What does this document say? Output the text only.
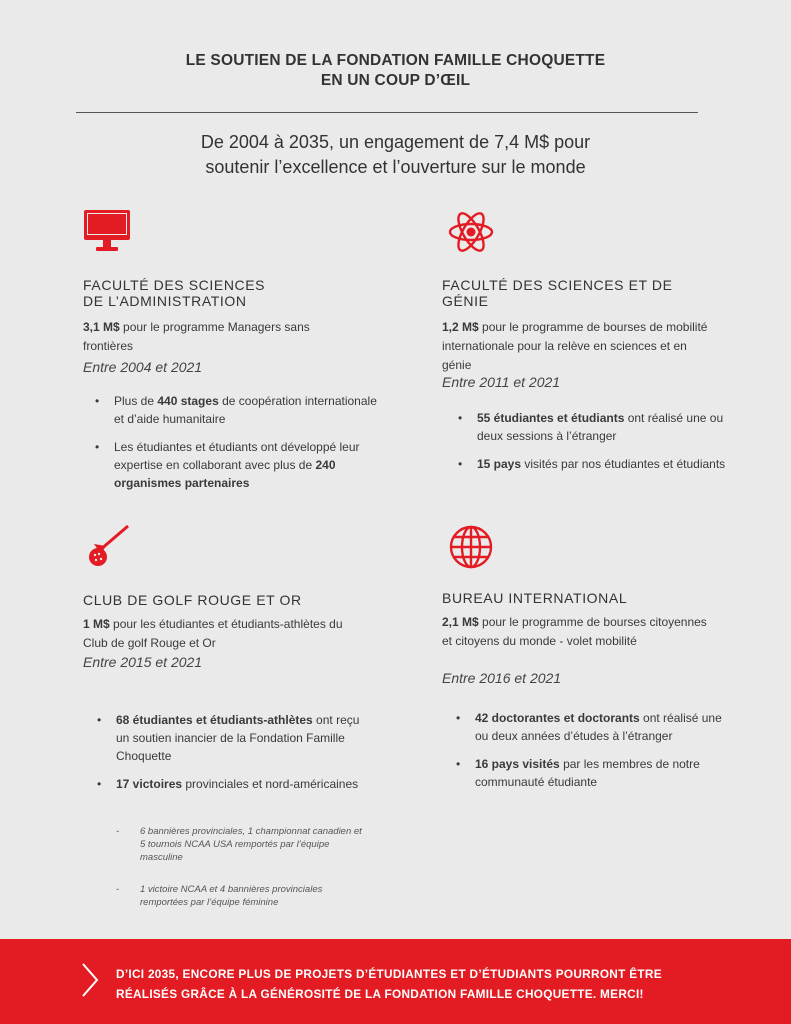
LE SOUTIEN DE LA FONDATION FAMILLE CHOQUETTE
EN UN COUP D’ŒIL
De 2004 à 2035, un engagement de 7,4 M$ pour
soutenir l’excellence et l’ouverture sur le monde
FACULTÉ DES SCIENCES
DE L’ADMINISTRATION
3,1 M$ pour le programme Managers sans frontières
Entre 2004 et 2021
• Plus de 440 stages de coopération internationale et d’aide humanitaire
• Les étudiantes et étudiants ont développé leur expertise en collaborant avec plus de 240 organismes partenaires
FACULTÉ DES SCIENCES ET DE
GÉNIE
1,2 M$ pour le programme de bourses de mobilité internationale pour la relève en sciences et en génie
Entre 2011 et 2021
• 55 étudiantes et étudiants ont réalisé une ou deux sessions à l’étranger
• 15 pays visités par nos étudiantes et étudiants
CLUB DE GOLF ROUGE ET OR
1 M$ pour les étudiantes et étudiants-athlètes du Club de golf Rouge et Or
Entre 2015 et 2021
• 68 étudiantes et étudiants-athlètes ont reçu un soutien inancier de la Fondation Famille Choquette
• 17 victoires provinciales et nord-américaines
- 6 bannières provinciales, 1 championnat canadien et 5 tournois NCAA USA remportés par l’équipe masculine
- 1 victoire NCAA et 4 bannières provinciales remportées par l’équipe féminine
BUREAU INTERNATIONAL
2,1 M$ pour le programme de bourses citoyennes et citoyens du monde - volet mobilité
Entre 2016 et 2021
• 42 doctorantes et doctorants ont réalisé une ou deux années d’études à l’étranger
• 16 pays visités par les membres de notre communauté étudiante
D’ICI 2035, ENCORE PLUS DE PROJETS D’ÉTUDIANTES ET D’ÉTUDIANTS POURRONT ÊTRE
RÉALISÉS GRÂCE À LA GÉNÉROSITÉ DE LA FONDATION FAMILLE CHOQUETTE. MERCI!
